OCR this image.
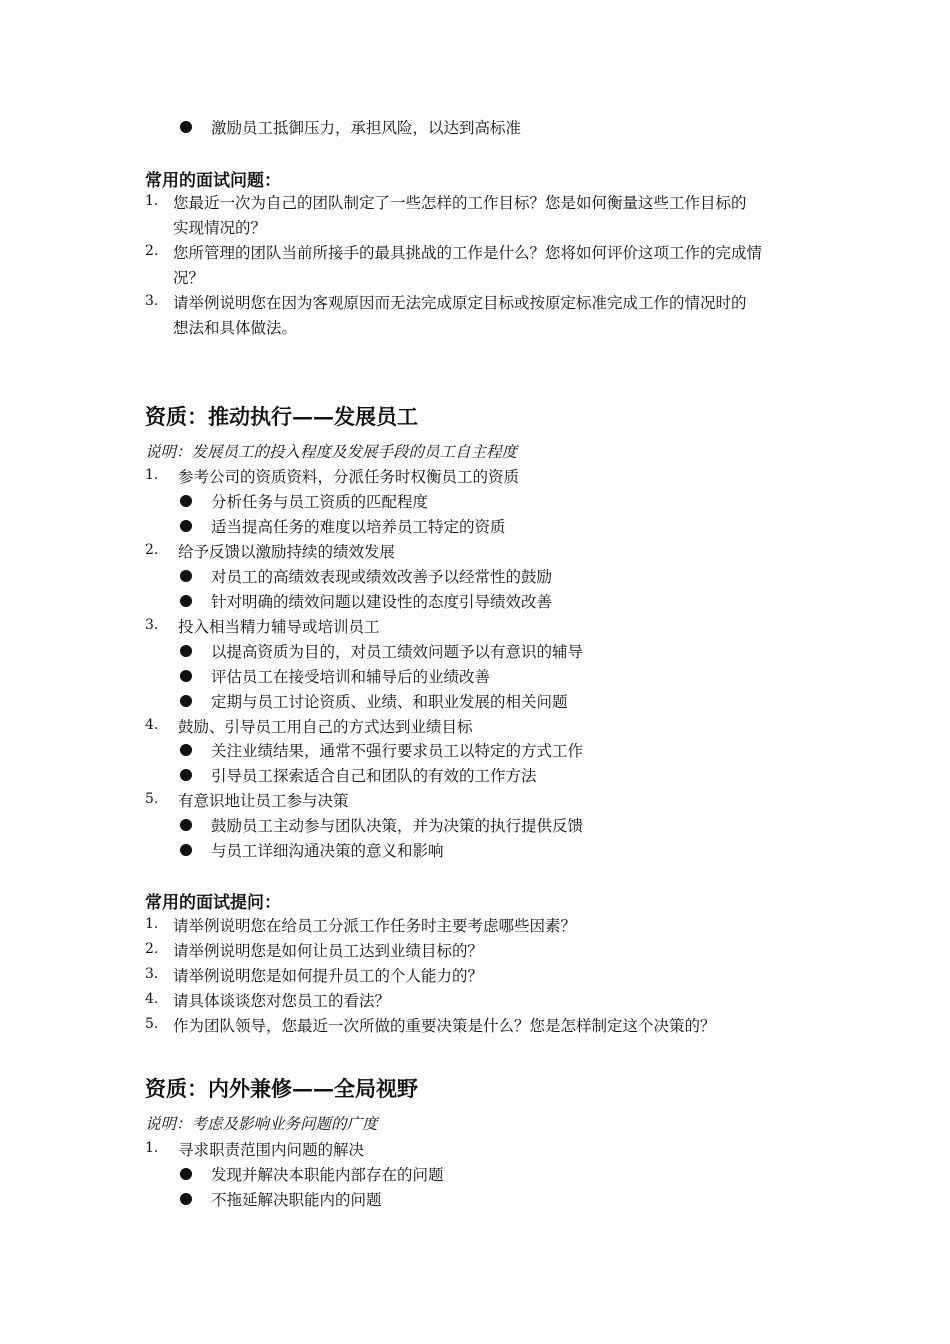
激励员工抵御压力，承担风险，以达到高标准
常用的面试问题：
1. 您最近一次为自己的团队制定了一些怎样的工作目标？您是如何衡量这些工作目标的
实现情况的？
2. 您所管理的团队当前所接手的最具挑战的工作是什么？您将如何评价这项工作的完成情
况？
3. 请举例说明您在因为客观原因而无法完成原定目标或按原定标准完成工作的情况时的
想法和具体做法。
资质：推动执行——发展员工
说明：发展员工的投入程度及发展手段的员工自主程度
1. 参考公司的资质资料，分派任务时权衡员工的资质
分析任务与员工资质的匹配程度
适当提高任务的难度以培养员工特定的资质
2. 给予反馈以激励持续的绩效发展
对员工的高绩效表现或绩效改善予以经常性的鼓励
针对明确的绩效问题以建设性的态度引导绩效改善
3. 投入相当精力辅导或培训员工
以提高资质为目的，对员工绩效问题予以有意识的辅导
评估员工在接受培训和辅导后的业绩改善
定期与员工讨论资质、业绩、和职业发展的相关问题
4. 鼓励、引导员工用自己的方式达到业绩目标
关注业绩结果，通常不强行要求员工以特定的方式工作
引导员工探索适合自己和团队的有效的工作方法
5. 有意识地让员工参与决策
鼓励员工主动参与团队决策，并为决策的执行提供反馈
与员工详细沟通决策的意义和影响
常用的面试提问：
1. 请举例说明您在给员工分派工作任务时主要考虑哪些因素？
2. 请举例说明您是如何让员工达到业绩目标的？
3. 请举例说明您是如何提升员工的个人能力的？
4. 请具体谈谈您对您员工的看法？
5. 作为团队领导，您最近一次所做的重要决策是什么？您是怎样制定这个决策的？
资质：内外兼修——全局视野
说明：考虑及影响业务问题的广度
1. 寻求职责范围内问题的解决
发现并解决本职能内部存在的问题
不拖延解决职能内的问题
